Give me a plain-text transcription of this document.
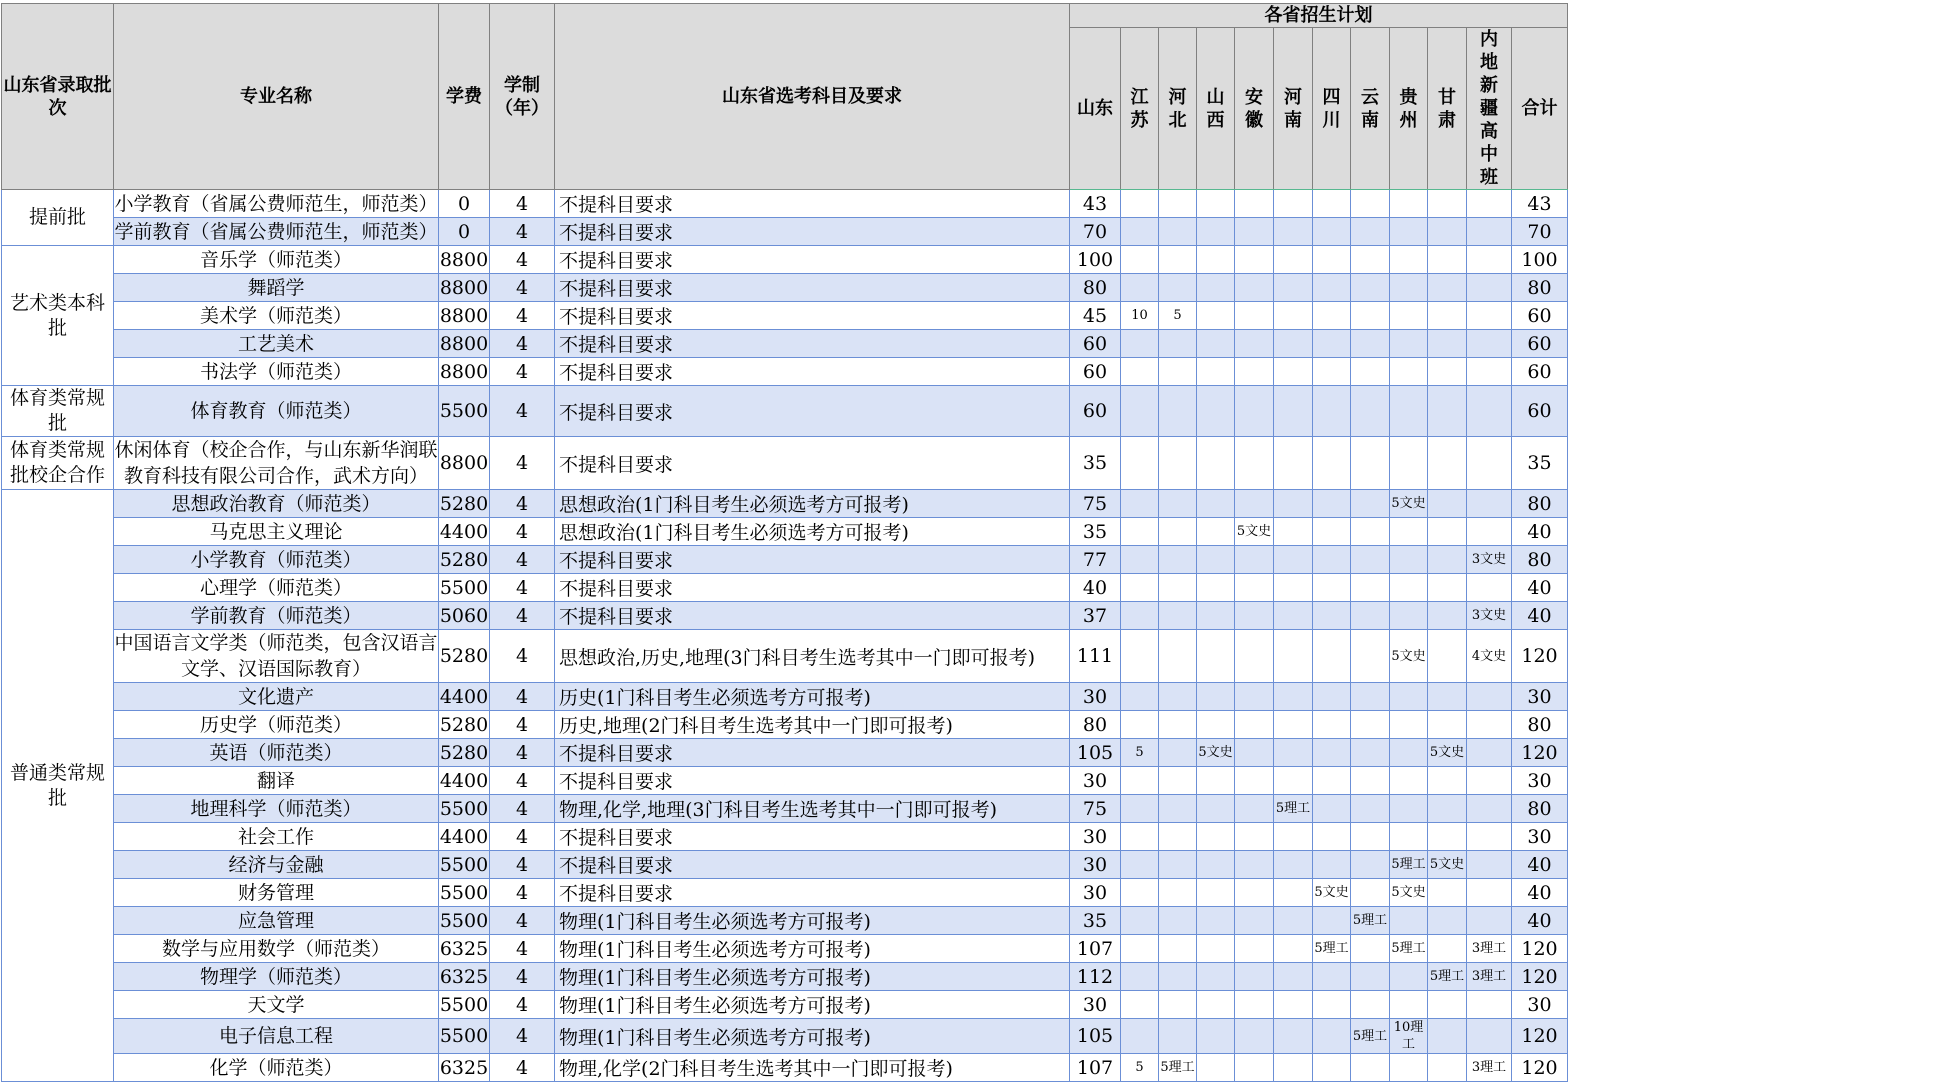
山东省录取批次	专业名称	学费	学制（年）	山东省选考科目及要求	各省招生计划											
					山东	江苏	河北	山西	安徽	河南	四川	云南	贵州	甘肃	内地新疆高中班	合计
提前批	小学教育（省属公费师范生，师范类）	0	4	不提科目要求	43											43
	学前教育（省属公费师范生，师范类）	0	4	不提科目要求	70											70
艺术类本科批	音乐学（师范类）	8800	4	不提科目要求	100											100
	舞蹈学	8800	4	不提科目要求	80											80
	美术学（师范类）	8800	4	不提科目要求	45	10	5									60
	工艺美术	8800	4	不提科目要求	60											60
	书法学（师范类）	8800	4	不提科目要求	60											60
体育类常规批	体育教育（师范类）	5500	4	不提科目要求	60											60
体育类常规批校企合作	休闲体育（校企合作，与山东新华润联教育科技有限公司合作，武术方向）	8800	4	不提科目要求	35											35
普通类常规批	思想政治教育（师范类）	5280	4	思想政治(1门科目考生必须选考方可报考)	75								5文史			80
	马克思主义理论	4400	4	思想政治(1门科目考生必须选考方可报考)	35				5文史							40
	小学教育（师范类）	5280	4	不提科目要求	77										3文史	80
	心理学（师范类）	5500	4	不提科目要求	40											40
	学前教育（师范类）	5060	4	不提科目要求	37										3文史	40
	中国语言文学类（师范类，包含汉语言文学、汉语国际教育）	5280	4	思想政治,历史,地理(3门科目考生选考其中一门即可报考)	111								5文史		4文史	120
	文化遗产	4400	4	历史(1门科目考生必须选考方可报考)	30											30
	历史学（师范类）	5280	4	历史,地理(2门科目考生选考其中一门即可报考)	80											80
	英语（师范类）	5280	4	不提科目要求	105	5		5文史						5文史		120
	翻译	4400	4	不提科目要求	30											30
	地理科学（师范类）	5500	4	物理,化学,地理(3门科目考生选考其中一门即可报考)	75					5理工						80
	社会工作	4400	4	不提科目要求	30											30
	经济与金融	5500	4	不提科目要求	30								5理工	5文史		40
	财务管理	5500	4	不提科目要求	30						5文史		5文史			40
	应急管理	5500	4	物理(1门科目考生必须选考方可报考)	35							5理工				40
	数学与应用数学（师范类）	6325	4	物理(1门科目考生必须选考方可报考)	107						5理工		5理工		3理工	120
	物理学（师范类）	6325	4	物理(1门科目考生必须选考方可报考)	112									5理工	3理工	120
	天文学	5500	4	物理(1门科目考生必须选考方可报考)	30											30
	电子信息工程	5500	4	物理(1门科目考生必须选考方可报考)	105							5理工	10理工			120
	化学（师范类）	6325	4	物理,化学(2门科目考生选考其中一门即可报考)	107	5	5理工								3理工	120
